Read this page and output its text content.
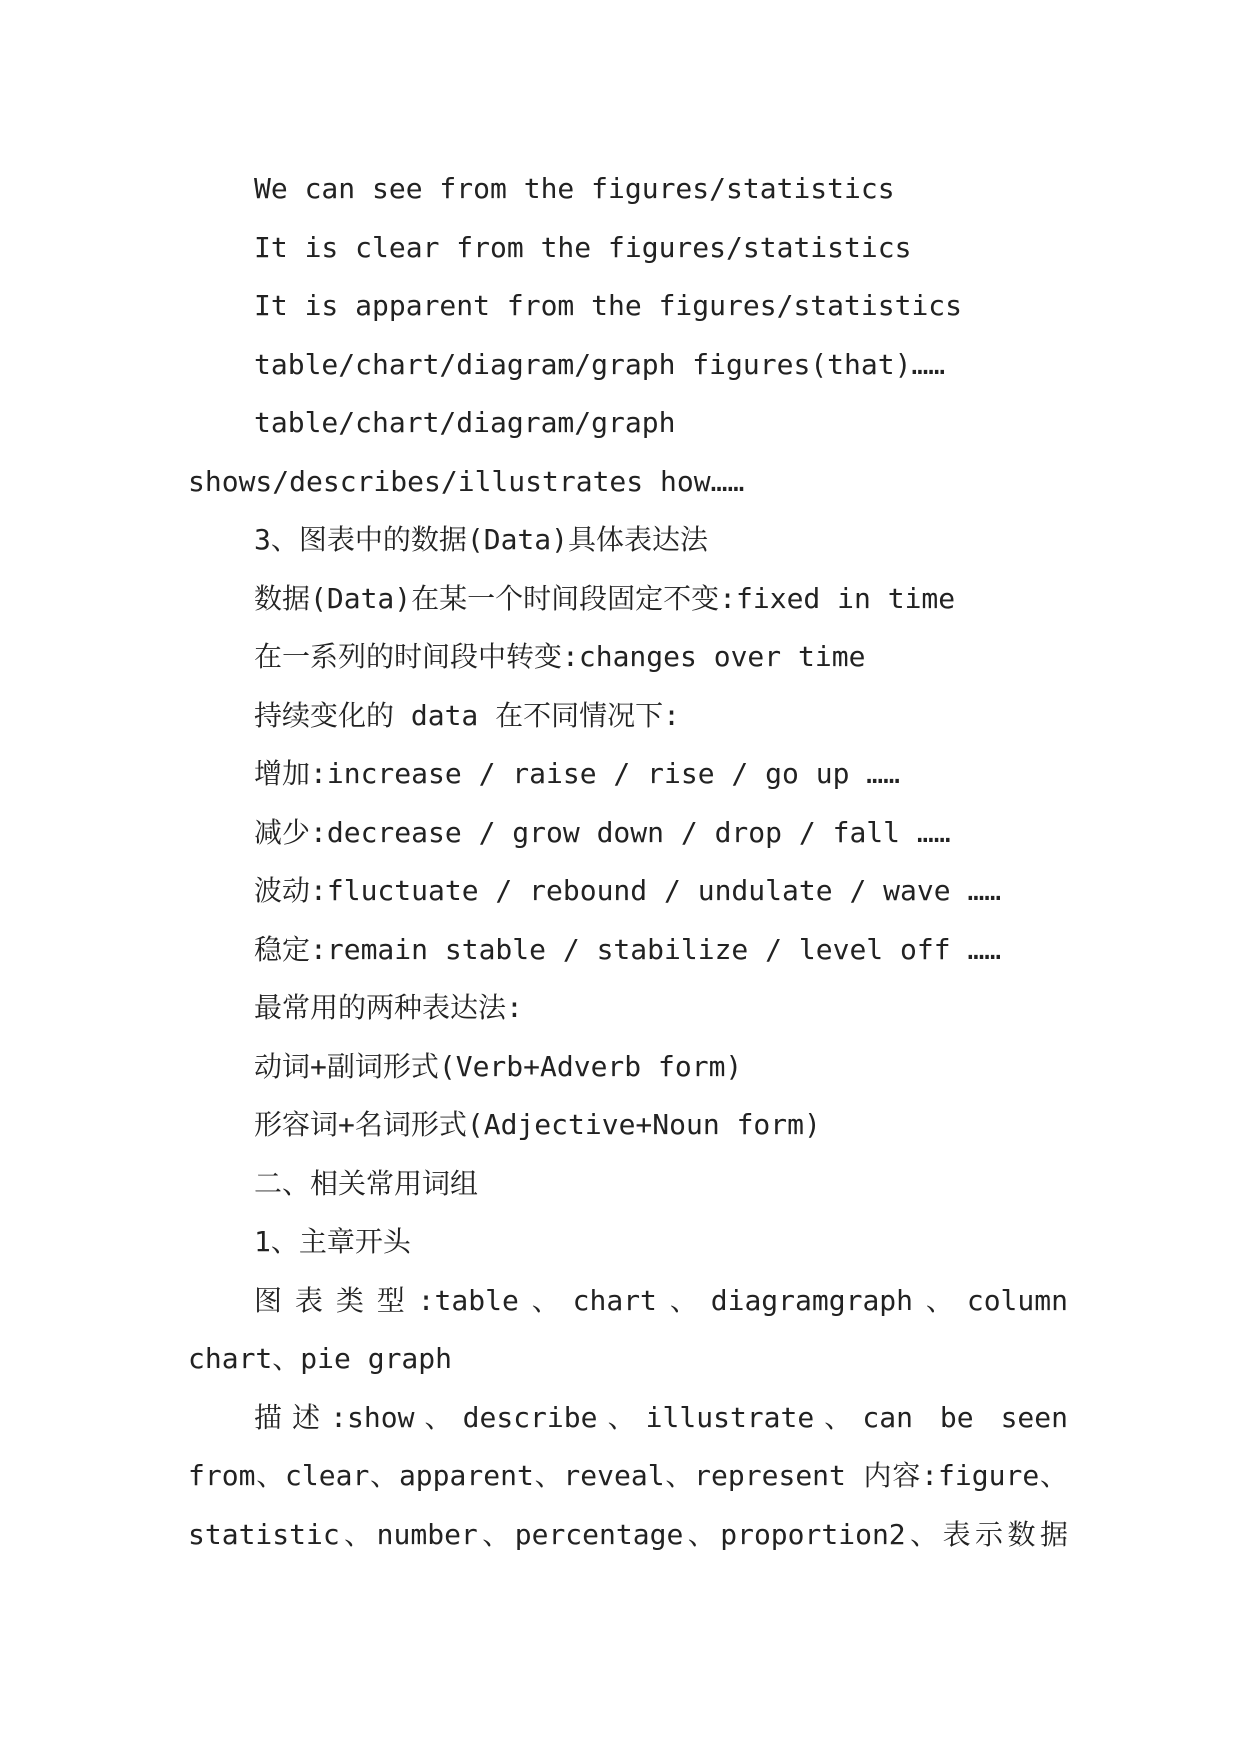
We can see from the figures/statistics
It is clear from the figures/statistics
It is apparent from the figures/statistics
table/chart/diagram/graph figures(that)……
table/chart/diagram/graph
shows/describes/illustrates how……
3、图表中的数据(Data)具体表达法
数据(Data)在某一个时间段固定不变:fixed in time
在一系列的时间段中转变:changes over time
持续变化的 data 在不同情况下:
增加:increase / raise / rise / go up ……
减少:decrease / grow down / drop / fall ……
波动:fluctuate / rebound / undulate / wave ……
稳定:remain stable / stabilize / level off ……
最常用的两种表达法:
动词+副词形式(Verb+Adverb form)
形容词+名词形式(Adjective+Noun form)
二、相关常用词组
1、主章开头
图表类型:table、chart、diagramgraph、column
chart、pie graph
描述:show、describe、illustrate、can be seen
from、clear、apparent、reveal、represent 内容:figure、
statistic、number、percentage、proportion2、表示数据
